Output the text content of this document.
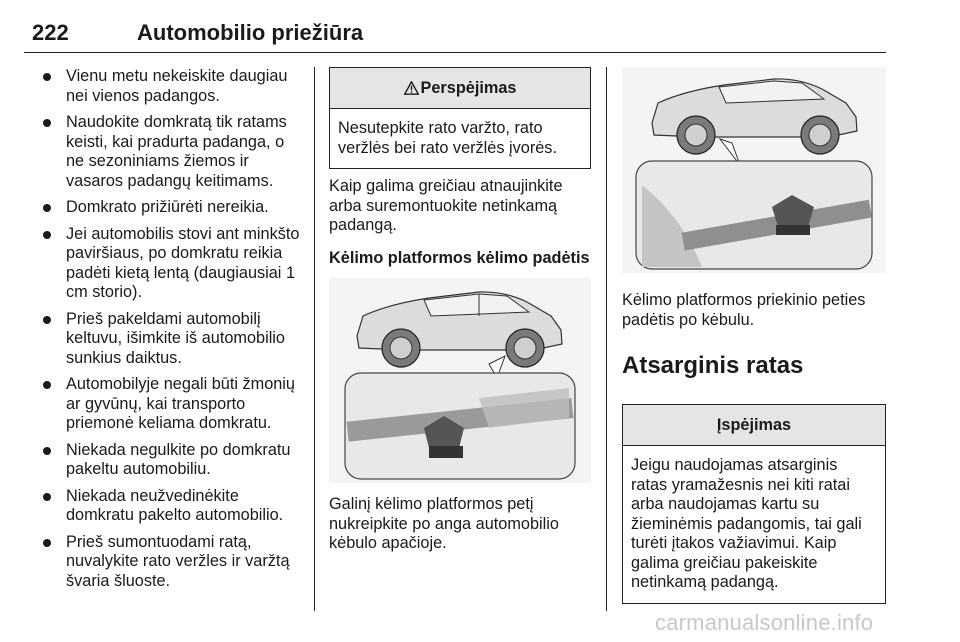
222	Automobilio priežiūra
Vienu metu nekeiskite daugiau nei vienos padangos.
Naudokite domkratą tik ratams keisti, kai pradurta padanga, o ne sezoniniams žiemos ir vasaros padangų keitimams.
Domkrato prižiūrėti nereikia.
Jei automobilis stovi ant minkšto paviršiaus, po domkratu reikia padėti kietą lentą (daugiausiai 1 cm storio).
Prieš pakeldami automobilį keltuvu, išimkite iš automobilio sunkius daiktus.
Automobilyje negali būti žmonių ar gyvūnų, kai transporto priemonė keliama domkratu.
Niekada negulkite po domkratu pakeltu automobiliu.
Niekada neužvedinėkite domkratu pakelto automobilio.
Prieš sumontuodami ratą, nuvalykite rato veržles ir varžtą švaria šluoste.
Perspėjimas
Nesutepkite rato varžto, rato veržlės bei rato veržlės įvorės.

Kaip galima greičiau atnaujinkite arba suremontuokite netinkamą padangą.

Kėlimo platformos kėlimo padėtis

Galinį kėlimo platformos petį nukreipkite po anga automobilio kėbulo apačioje.

Kėlimo platformos priekinio peties padėtis po kėbulu.

Atsarginis ratas

Įspėjimas
Jeigu naudojamas atsarginis ratas yramažesnis nei kiti ratai arba naudojamas kartu su žieminėmis padangomis, tai gali turėti įtakos važiavimui. Kaip galima greičiau pakeiskite netinkamą padangą.
carmanualsonline.info
